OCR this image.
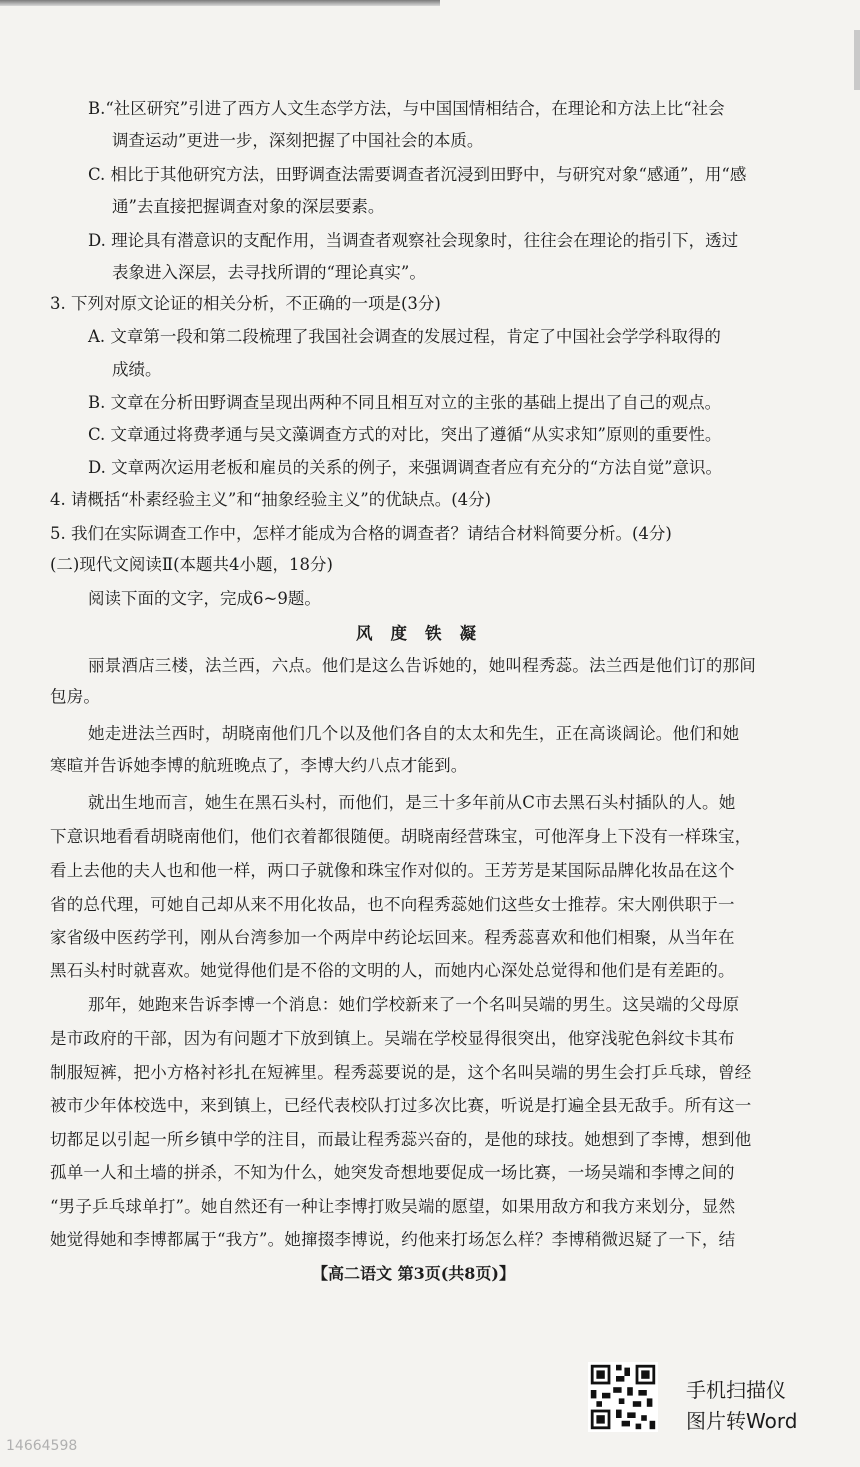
B.“社区研究”引进了西方人文生态学方法，与中国国情相结合，在理论和方法上比“社会
调查运动”更进一步，深刻把握了中国社会的本质。
C. 相比于其他研究方法，田野调查法需要调查者沉浸到田野中，与研究对象“感通”，用“感
通”去直接把握调查对象的深层要素。
D. 理论具有潜意识的支配作用，当调查者观察社会现象时，往往会在理论的指引下，透过
表象进入深层，去寻找所谓的“理论真实”。
3. 下列对原文论证的相关分析，不正确的一项是(3分)
A. 文章第一段和第二段梳理了我国社会调查的发展过程，肯定了中国社会学学科取得的
成绩。
B. 文章在分析田野调查呈现出两种不同且相互对立的主张的基础上提出了自己的观点。
C. 文章通过将费孝通与吴文藻调查方式的对比，突出了遵循“从实求知”原则的重要性。
D. 文章两次运用老板和雇员的关系的例子，来强调调查者应有充分的“方法自觉”意识。
4. 请概括“朴素经验主义”和“抽象经验主义”的优缺点。(4分)
5. 我们在实际调查工作中，怎样才能成为合格的调查者？请结合材料简要分析。(4分)
(二)现代文阅读Ⅱ(本题共4小题，18分)
阅读下面的文字，完成6~9题。
风度铁凝
丽景酒店三楼，法兰西，六点。他们是这么告诉她的，她叫程秀蕊。法兰西是他们订的那间
包房。
她走进法兰西时，胡晓南他们几个以及他们各自的太太和先生，正在高谈阔论。他们和她
寒暄并告诉她李博的航班晚点了，李博大约八点才能到。
就出生地而言，她生在黑石头村，而他们，是三十多年前从C市去黑石头村插队的人。她
下意识地看看胡晓南他们，他们衣着都很随便。胡晓南经营珠宝，可他浑身上下没有一样珠宝，
看上去他的夫人也和他一样，两口子就像和珠宝作对似的。王芳芳是某国际品牌化妆品在这个
省的总代理，可她自己却从来不用化妆品，也不向程秀蕊她们这些女士推荐。宋大刚供职于一
家省级中医药学刊，刚从台湾参加一个两岸中药论坛回来。程秀蕊喜欢和他们相聚，从当年在
黑石头村时就喜欢。她觉得他们是不俗的文明的人，而她内心深处总觉得和他们是有差距的。
那年，她跑来告诉李博一个消息：她们学校新来了一个名叫吴端的男生。这吴端的父母原
是市政府的干部，因为有问题才下放到镇上。吴端在学校显得很突出，他穿浅驼色斜纹卡其布
制服短裤，把小方格衬衫扎在短裤里。程秀蕊要说的是，这个名叫吴端的男生会打乒乓球，曾经
被市少年体校选中，来到镇上，已经代表校队打过多次比赛，听说是打遍全县无敌手。所有这一
切都足以引起一所乡镇中学的注目，而最让程秀蕊兴奋的，是他的球技。她想到了李博，想到他
孤单一人和土墙的拼杀，不知为什么，她突发奇想地要促成一场比赛，一场吴端和李博之间的
“男子乒乓球单打”。她自然还有一种让李博打败吴端的愿望，如果用敌方和我方来划分，显然
她觉得她和李博都属于“我方”。她撺掇李博说，约他来打场怎么样？李博稍微迟疑了一下，结
【高二语文 第3页(共8页)】
手机扫描仪
图片转Word
14664598
